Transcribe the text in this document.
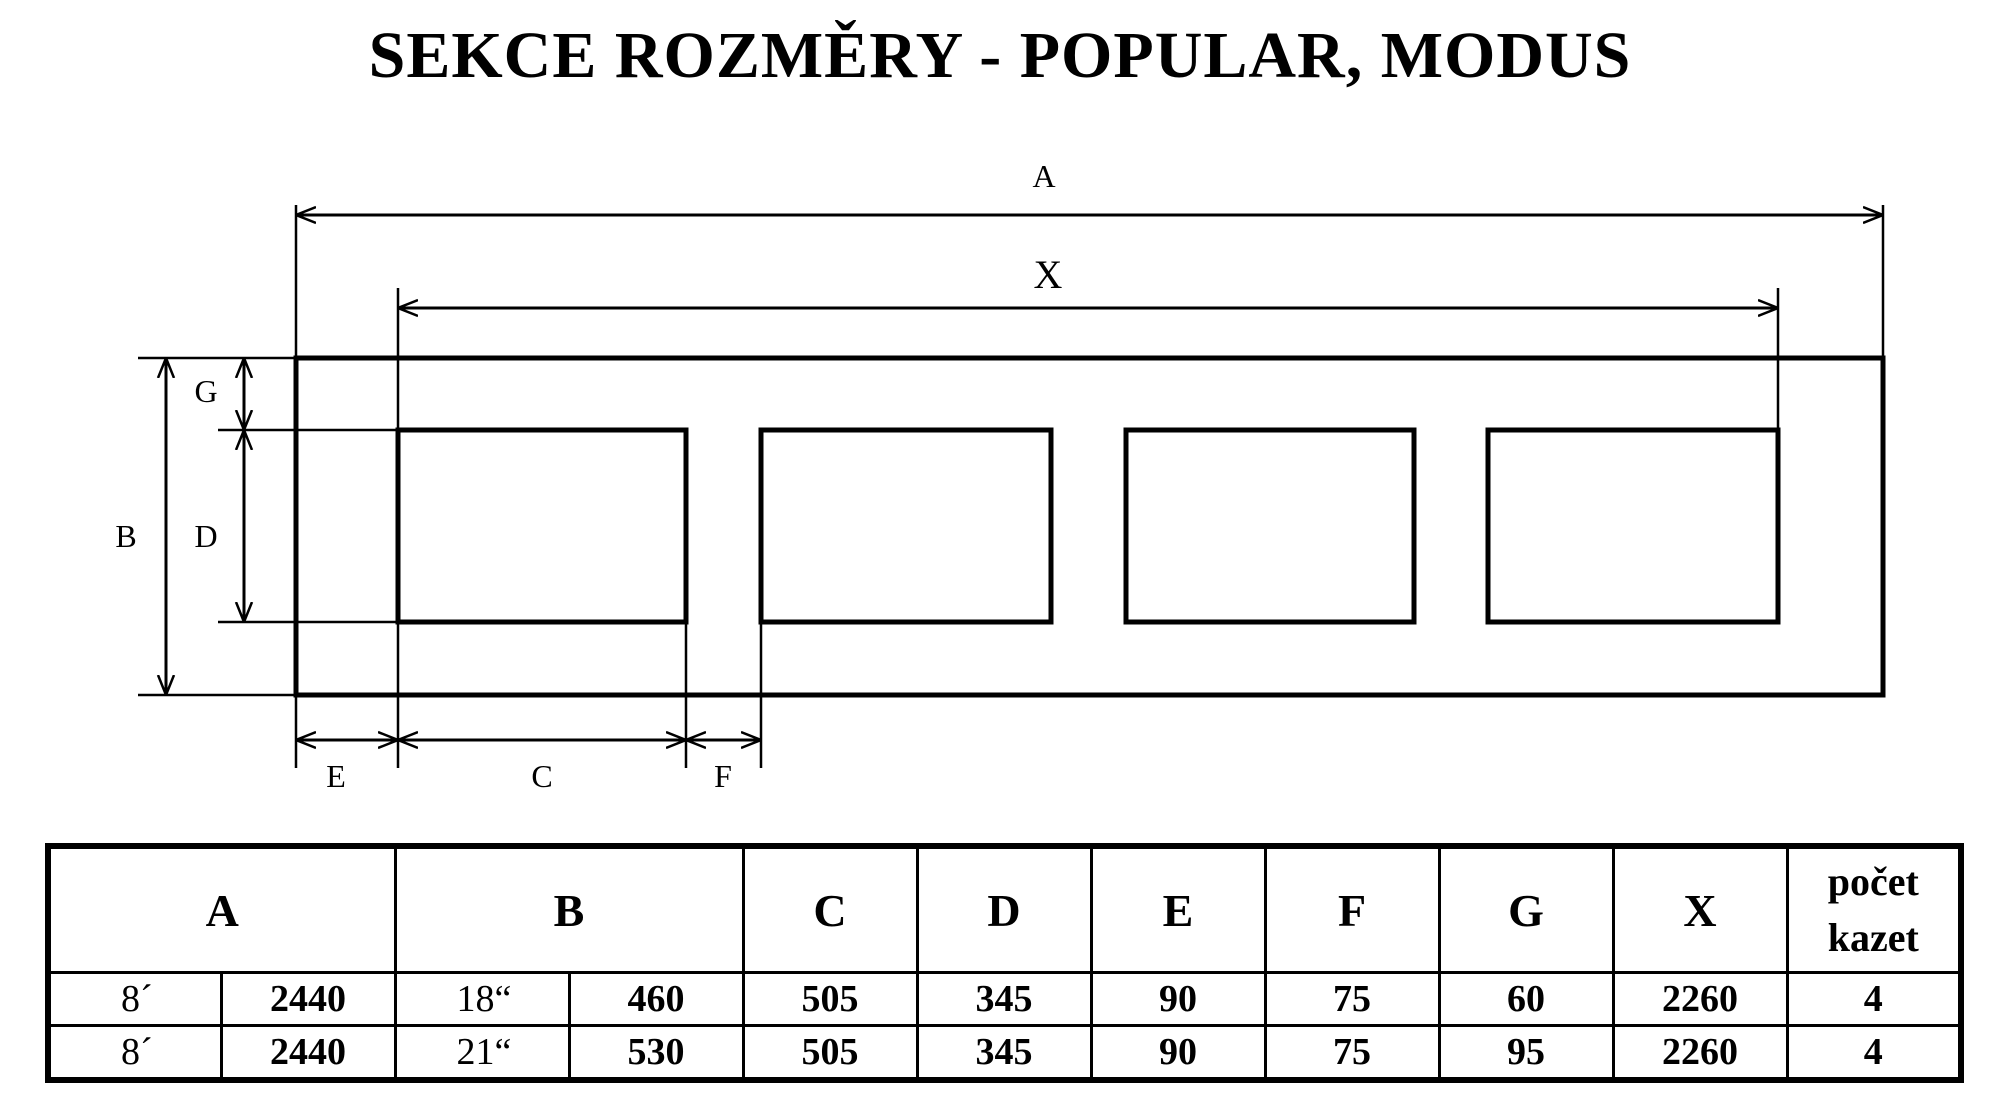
SEKCE ROZMĚRY - POPULAR, MODUS
A
X
B D
G
E	C	F
A		B		C	D	E	F	G	X	počet
kazet
8´	2440	18“	460	505	345	90	75	60	2260	4
8´	2440	21“	530	505	345	90	75	95	2260	4
